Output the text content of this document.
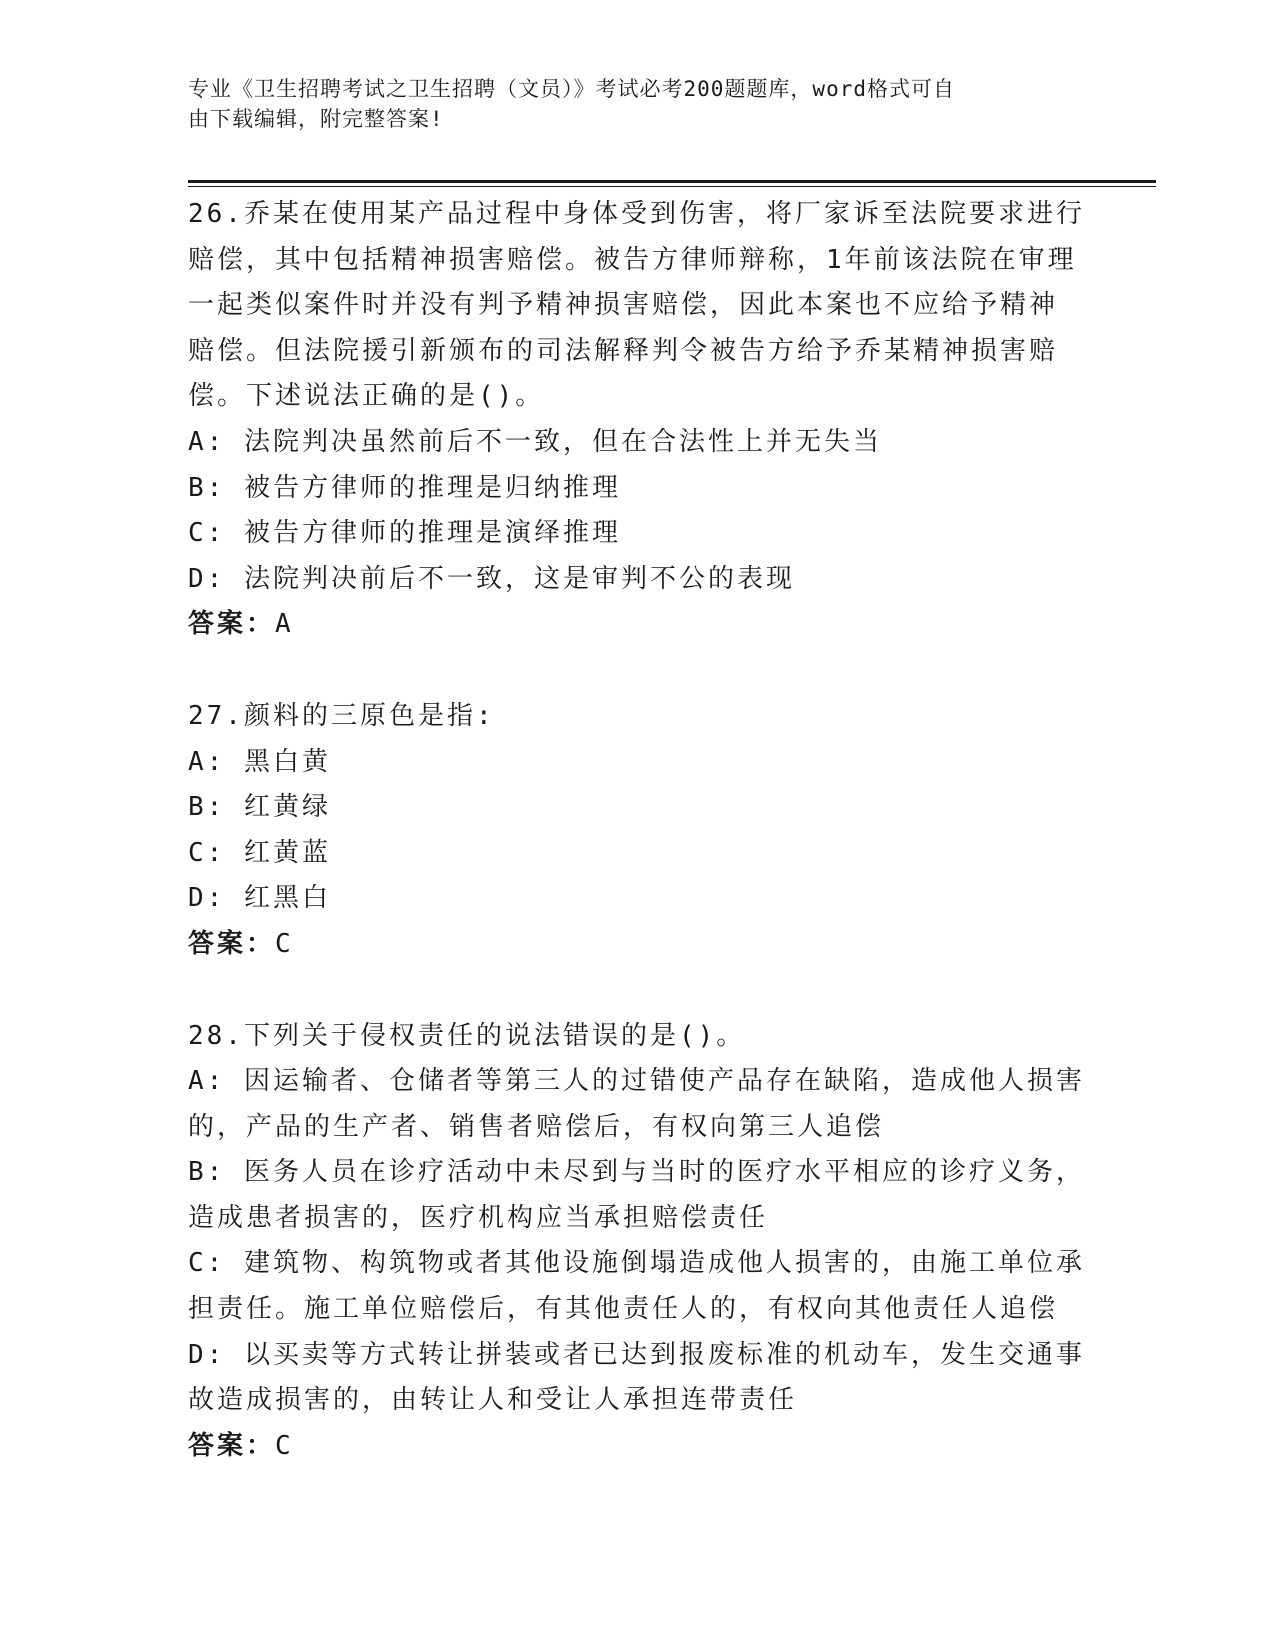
专业《卫生招聘考试之卫生招聘（文员）》考试必考200题题库，word格式可自
由下载编辑，附完整答案!
26.乔某在使用某产品过程中身体受到伤害，将厂家诉至法院要求进行
赔偿，其中包括精神损害赔偿。被告方律师辩称，1年前该法院在审理
一起类似案件时并没有判予精神损害赔偿，因此本案也不应给予精神
赔偿。但法院援引新颁布的司法解释判令被告方给予乔某精神损害赔
偿。下述说法正确的是()。
A: 法院判决虽然前后不一致，但在合法性上并无失当
B: 被告方律师的推理是归纳推理
C: 被告方律师的推理是演绎推理
D: 法院判决前后不一致，这是审判不公的表现
答案：A
27.颜料的三原色是指:
A: 黑白黄
B: 红黄绿
C: 红黄蓝
D: 红黑白
答案：C
28.下列关于侵权责任的说法错误的是()。
A: 因运输者、仓储者等第三人的过错使产品存在缺陷，造成他人损害
的，产品的生产者、销售者赔偿后，有权向第三人追偿
B: 医务人员在诊疗活动中未尽到与当时的医疗水平相应的诊疗义务，
造成患者损害的，医疗机构应当承担赔偿责任
C: 建筑物、构筑物或者其他设施倒塌造成他人损害的，由施工单位承
担责任。施工单位赔偿后，有其他责任人的，有权向其他责任人追偿
D: 以买卖等方式转让拼装或者已达到报废标准的机动车，发生交通事
故造成损害的，由转让人和受让人承担连带责任
答案：C
